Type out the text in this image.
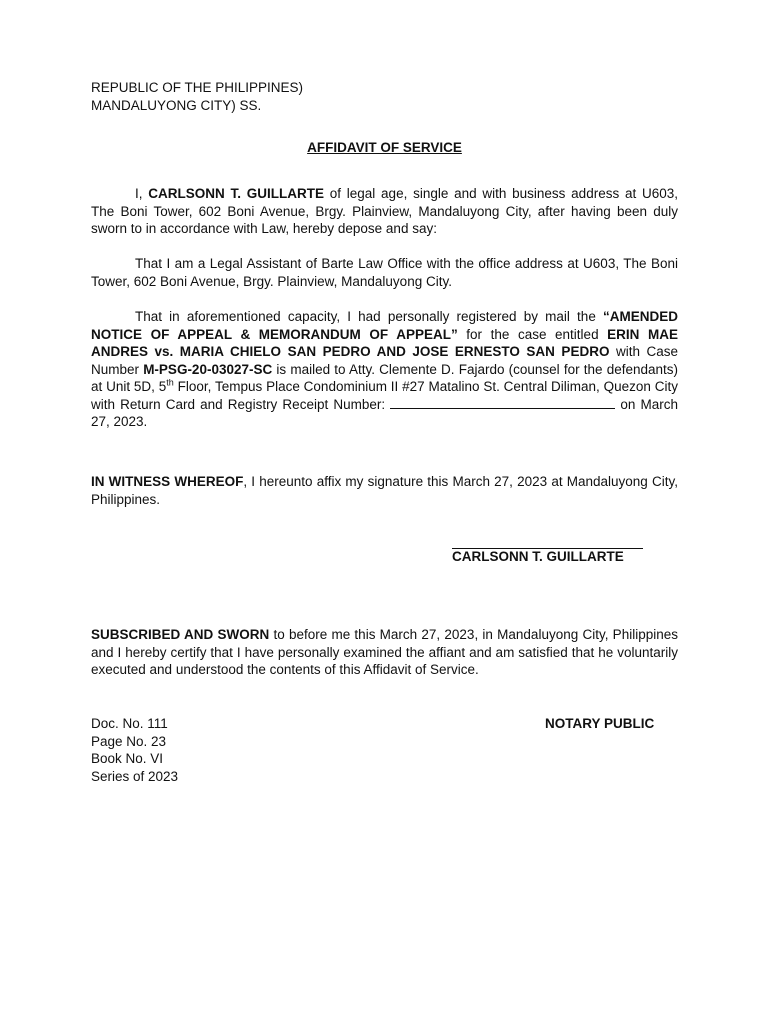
REPUBLIC OF THE PHILIPPINES)
MANDALUYONG CITY) SS.
AFFIDAVIT OF SERVICE

I, CARLSONN T. GUILLARTE of legal age, single and with business address at U603, The Boni Tower, 602 Boni Avenue, Brgy. Plainview, Mandaluyong City, after having been duly sworn to in accordance with Law, hereby depose and say:

That I am a Legal Assistant of Barte Law Office with the office address at U603, The Boni Tower, 602 Boni Avenue, Brgy. Plainview, Mandaluyong City.

That in aforementioned capacity, I had personally registered by mail the “AMENDED NOTICE OF APPEAL & MEMORANDUM OF APPEAL” for the case entitled ERIN MAE ANDRES vs. MARIA CHIELO SAN PEDRO AND JOSE ERNESTO SAN PEDRO with Case Number M-PSG-20-03027-SC is mailed to Atty. Clemente D. Fajardo (counsel for the defendants) at Unit 5D, 5th Floor, Tempus Place Condominium II #27 Matalino St. Central Diliman, Quezon City with Return Card and Registry Receipt Number:	on March 27, 2023.

IN WITNESS WHEREOF, I hereunto affix my signature this March 27, 2023 at Mandaluyong City, Philippines.

CARLSONN T. GUILLARTE

SUBSCRIBED AND SWORN to before me this March 27, 2023, in Mandaluyong City, Philippines and I hereby certify that I have personally examined the affiant and am satisfied that he voluntarily executed and understood the contents of this Affidavit of Service.

Doc. No. 111
Page No. 23
Book No. VI
Series of 2023
NOTARY PUBLIC
